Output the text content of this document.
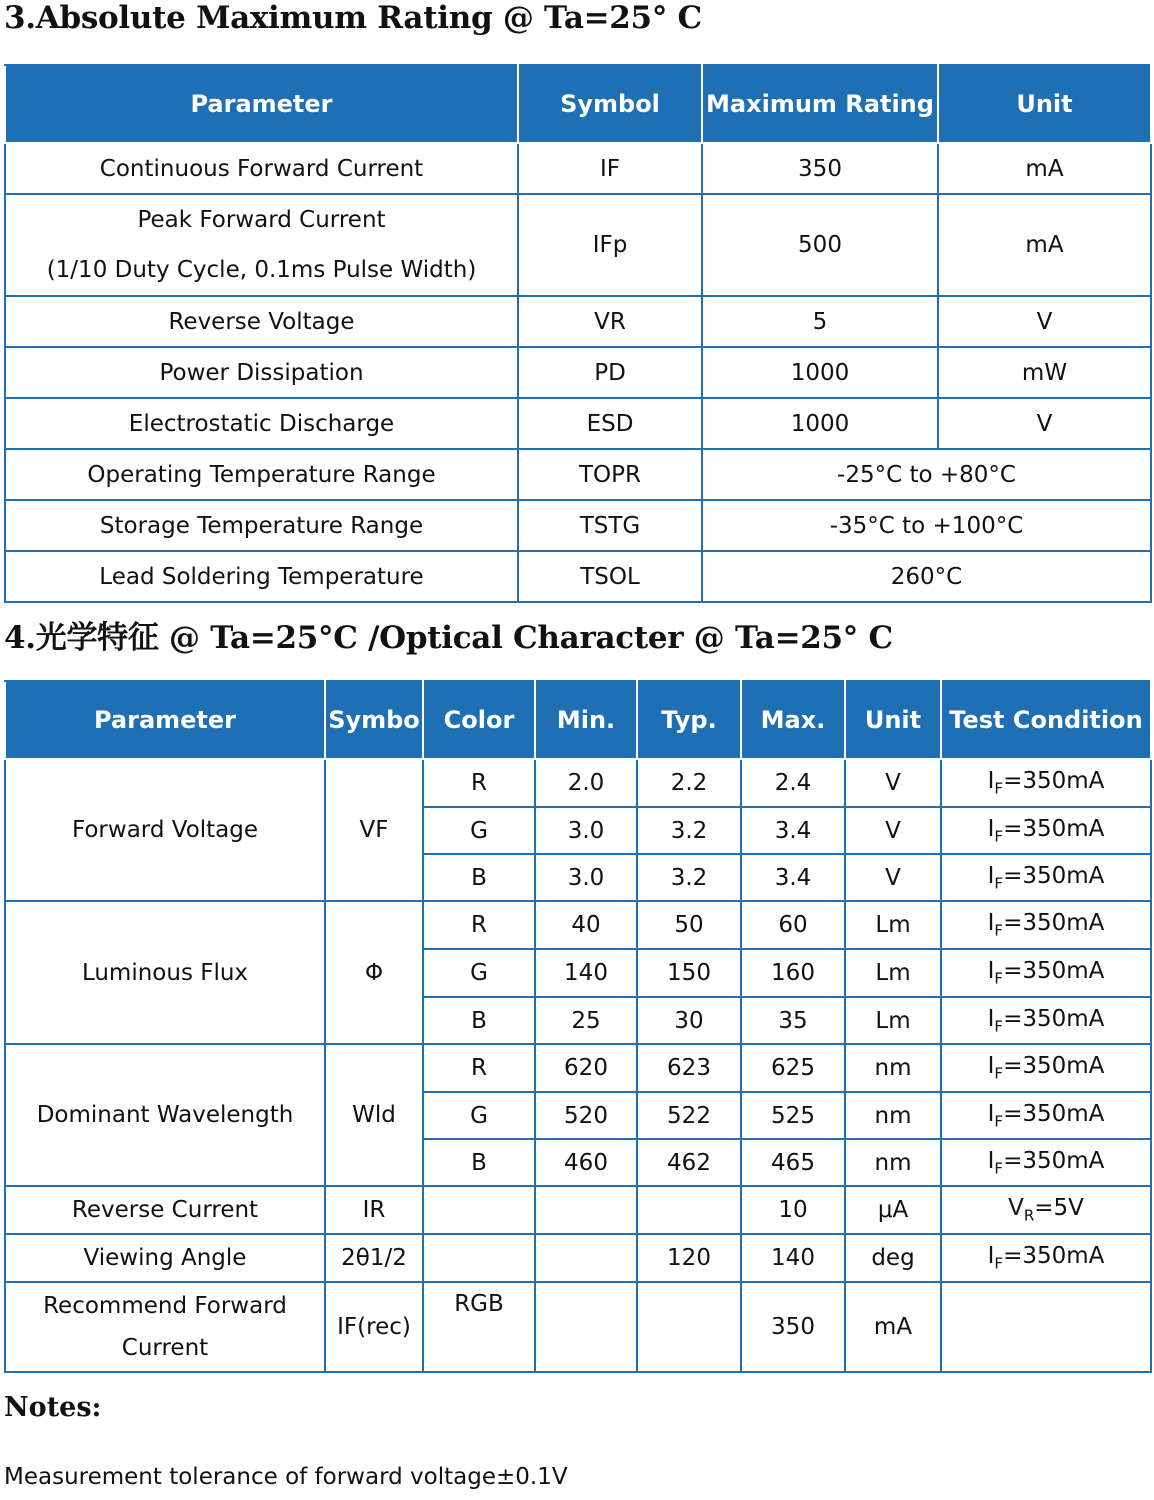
3.Absolute Maximum Rating @ Ta=25° C
Parameter	Symbol	Maximum Rating	Unit
Continuous Forward Current	IF	350	mA

Peak Forward Current
(1/10 Duty Cycle, 0.1ms Pulse Width)	IFp	500	mA
Reverse Voltage	VR	5	V
Power Dissipation	PD	1000	mW
Electrostatic Discharge	ESD	1000	V
Operating Temperature Range	TOPR	-25°C to +80°C	
Storage Temperature Range	TSTG	-35°C to +100°C	
Lead Soldering Temperature	TSOL	260°C	
4.光学特征 @ Ta=25°C /Optical Character @ Ta=25° C
Parameter	Symbo	Color	Min.	Typ.	Max.	Unit	Test Condition
Forward Voltage	VF	R	2.0	2.2	2.4	V	$I_F=350mA$
		G	3.0	3.2	3.4	V	$I_F=350mA$
		B	3.0	3.2	3.4	V	$I_F=350mA$
Luminous Flux	Φ	R	40	50	60	Lm	$I_F=350mA$
		G	140	150	160	Lm	$I_F=350mA$
		B	25	30	35	Lm	$I_F=350mA$
Dominant Wavelength	Wld	R	620	623	625	nm	$I_F=350mA$
		G	520	522	525	nm	$I_F=350mA$
		B	460	462	465	nm	$I_F=350mA$
Reverse Current	IR				10	μA	$V_R=5V$
Viewing Angle	2θ1/2			120	140	deg	$I_F=350mA$

Recommend Forward
Current	IF(rec)	RGB			350	mA	
Notes:
Measurement tolerance of forward voltage±0.1V
